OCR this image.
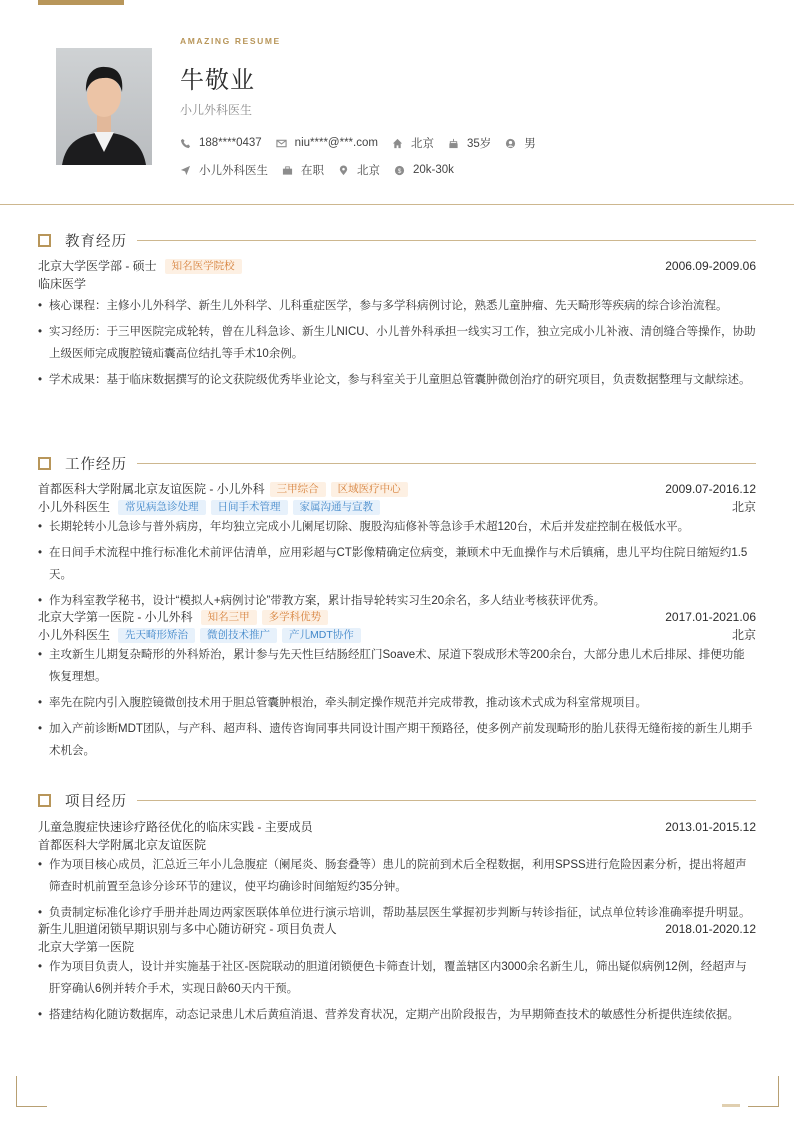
AMAZING RESUME
牛敬业
小儿外科医生
188****0437	niu****@***.com	北京	35岁	男
小儿外科医生	在职	北京	$ 20k-30k
教育经历
北京大学医学部 - 硕士	知名医学院校	2006.09-2009.06
临床医学
• 核心课程：主修小儿外科学、新生儿外科学、儿科重症医学，参与多学科病例讨论，熟悉儿童肿瘤、先天畸形等疾病的综合诊治流程。
• 实习经历：于三甲医院完成轮转，曾在儿科急诊、新生儿NICU、小儿普外科承担一线实习工作，独立完成小儿补液、清创缝合等操作，协助上级医师完成腹腔镜疝囊高位结扎等手术10余例。
• 学术成果：基于临床数据撰写的论文获院级优秀毕业论文，参与科室关于儿童胆总管囊肿微创治疗的研究项目，负责数据整理与文献综述。
工作经历
首都医科大学附属北京友谊医院 - 小儿外科	三甲综合	区域医疗中心	2009.07-2016.12
小儿外科医生	常见病急诊处理	日间手术管理	家属沟通与宣教	北京
• 长期轮转小儿急诊与普外病房，年均独立完成小儿阑尾切除、腹股沟疝修补等急诊手术超120台，术后并发症控制在极低水平。
• 在日间手术流程中推行标准化术前评估清单，应用彩超与CT影像精确定位病变，兼顾术中无血操作与术后镇痛，患儿平均住院日缩短约1.5天。
• 作为科室教学秘书，设计“模拟人+病例讨论”带教方案，累计指导轮转实习生20余名，多人结业考核获评优秀。
北京大学第一医院 - 小儿外科	知名三甲	多学科优势	2017.01-2021.06
小儿外科医生	先天畸形矫治	微创技术推广	产儿MDT协作	北京
• 主攻新生儿期复杂畸形的外科矫治，累计参与先天性巨结肠经肛门Soave术、尿道下裂成形术等200余台，大部分患儿术后排尿、排便功能恢复理想。
• 率先在院内引入腹腔镜微创技术用于胆总管囊肿根治，牵头制定操作规范并完成带教，推动该术式成为科室常规项目。
• 加入产前诊断MDT团队，与产科、超声科、遗传咨询同事共同设计围产期干预路径，使多例产前发现畸形的胎儿获得无缝衔接的新生儿期手术机会。
项目经历
儿童急腹症快速诊疗路径优化的临床实践 - 主要成员	2013.01-2015.12
首都医科大学附属北京友谊医院
• 作为项目核心成员，汇总近三年小儿急腹症（阑尾炎、肠套叠等）患儿的院前到术后全程数据，利用SPSS进行危险因素分析，提出将超声筛查时机前置至急诊分诊环节的建议，使平均确诊时间缩短约35分钟。
• 负责制定标准化诊疗手册并赴周边两家医联体单位进行演示培训，帮助基层医生掌握初步判断与转诊指征，试点单位转诊准确率提升明显。
新生儿胆道闭锁早期识别与多中心随访研究 - 项目负责人	2018.01-2020.12
北京大学第一医院
• 作为项目负责人，设计并实施基于社区-医院联动的胆道闭锁便色卡筛查计划，覆盖辖区内3000余名新生儿，筛出疑似病例12例，经超声与肝穿确认6例并转介手术，实现日龄60天内干预。
• 搭建结构化随访数据库，动态记录患儿术后黄疸消退、营养发育状况，定期产出阶段报告，为早期筛查技术的敏感性分析提供连续依据。
